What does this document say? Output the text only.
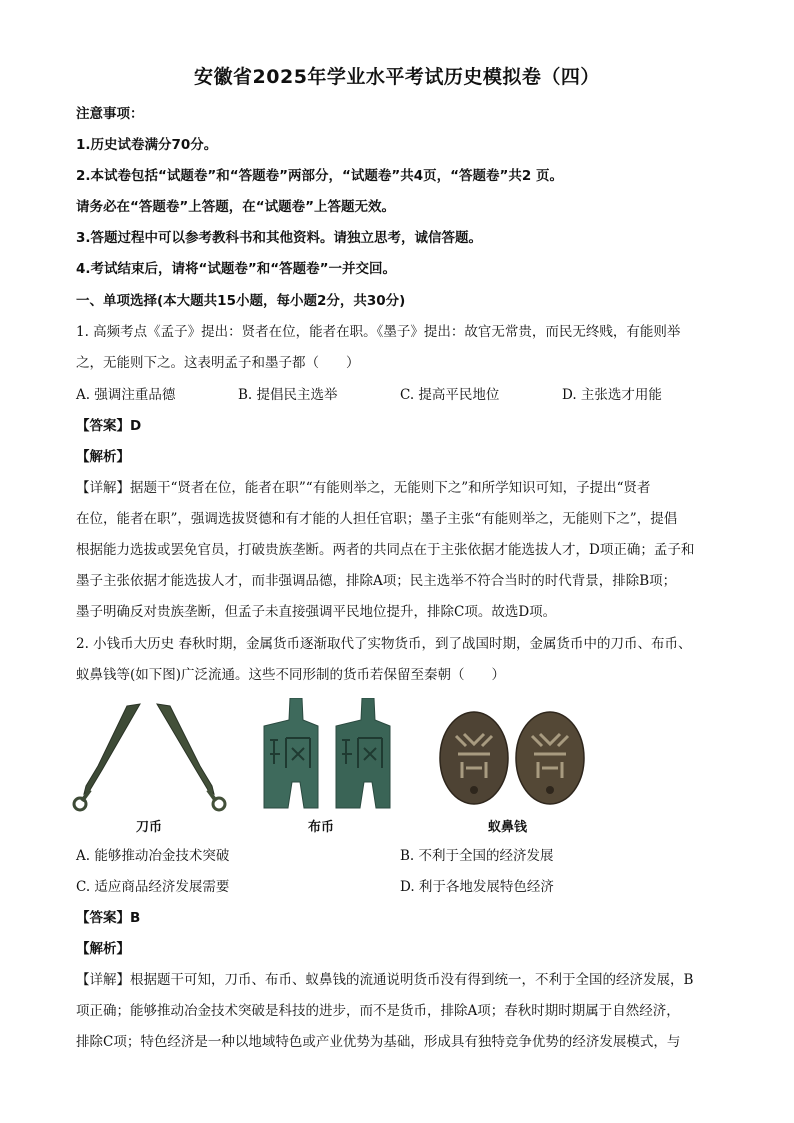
安徽省2025年学业水平考试历史模拟卷（四）
注意事项：
1.历史试卷满分70分。
2.本试卷包括“试题卷”和“答题卷”两部分，“试题卷”共4页，“答题卷”共2 页。
请务必在“答题卷”上答题，在“试题卷”上答题无效。
3.答题过程中可以参考教科书和其他资料。请独立思考，诚信答题。
4.考试结束后，请将“试题卷”和“答题卷”一并交回。
一、单项选择(本大题共15小题，每小题2分，共30分)
1. 高频考点《孟子》提出：贤者在位，能者在职。《墨子》提出：故官无常贵，而民无终贱，有能则举
之，无能则下之。这表明孟子和墨子都（　　）
A. 强调注重品德	B. 提倡民主选举	C. 提高平民地位	D. 主张选才用能
【答案】D
【解析】
【详解】据题干“贤者在位，能者在职”“有能则举之，无能则下之”和所学知识可知，子提出“贤者
在位，能者在职”，强调选拔贤德和有才能的人担任官职；墨子主张“有能则举之，无能则下之”，提倡
根据能力选拔或罢免官员，打破贵族垄断。两者的共同点在于主张依据才能选拔人才，D项正确；孟子和
墨子主张依据才能选拔人才，而非强调品德，排除A项；民主选举不符合当时的时代背景，排除B项；
墨子明确反对贵族垄断，但孟子未直接强调平民地位提升，排除C项。故选D项。
2. 小钱币大历史 春秋时期，金属货币逐渐取代了实物货币，到了战国时期，金属货币中的刀币、布币、
蚁鼻钱等(如下图)广泛流通。这些不同形制的货币若保留至秦朝（　　）
刀币	布币	蚁鼻钱
A. 能够推动冶金技术突破	B. 不利于全国的经济发展
C. 适应商品经济发展需要	D. 利于各地发展特色经济
【答案】B
【解析】
【详解】根据题干可知，刀币、布币、蚁鼻钱的流通说明货币没有得到统一，不利于全国的经济发展，B
项正确；能够推动冶金技术突破是科技的进步，而不是货币，排除A项；春秋时期时期属于自然经济，
排除C项；特色经济是一种以地域特色或产业优势为基础，形成具有独特竞争优势的经济发展模式，与
